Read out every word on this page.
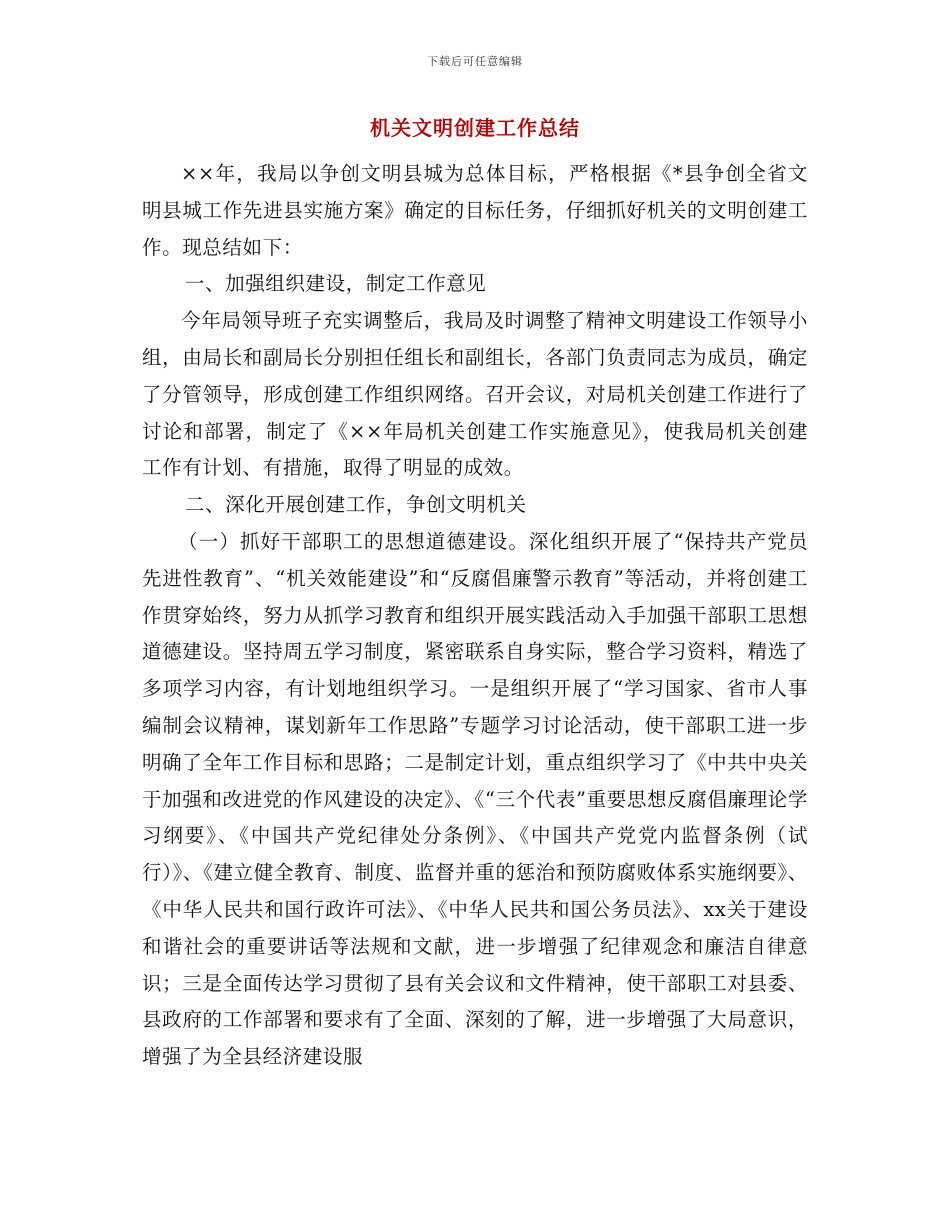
下载后可任意编辑
机关文明创建工作总结

××年，我局以争创文明县城为总体目标，严格根据《*县争创全省文明县城工作先进县实施方案》确定的目标任务，仔细抓好机关的文明创建工作。现总结如下：

一、加强组织建设，制定工作意见

今年局领导班子充实调整后，我局及时调整了精神文明建设工作领导小组，由局长和副局长分别担任组长和副组长，各部门负责同志为成员，确定了分管领导，形成创建工作组织网络。召开会议，对局机关创建工作进行了讨论和部署，制定了《××年局机关创建工作实施意见》，使我局机关创建工作有计划、有措施，取得了明显的成效。

二、深化开展创建工作，争创文明机关

（一）抓好干部职工的思想道德建设。深化组织开展了“保持共产党员先进性教育”、“机关效能建设”和“反腐倡廉警示教育”等活动，并将创建工作贯穿始终，努力从抓学习教育和组织开展实践活动入手加强干部职工思想道德建设。坚持周五学习制度，紧密联系自身实际，整合学习资料，精选了多项学习内容，有计划地组织学习。一是组织开展了“学习国家、省市人事编制会议精神，谋划新年工作思路”专题学习讨论活动，使干部职工进一步明确了全年工作目标和思路；二是制定计划，重点组织学习了《中共中央关于加强和改进党的作风建设的决定》、《“三个代表”重要思想反腐倡廉理论学习纲要》、《中国共产党纪律处分条例》、《中国共产党党内监督条例（试行）》、《建立健全教育、制度、监督并重的惩治和预防腐败体系实施纲要》、《中华人民共和国行政许可法》、《中华人民共和国公务员法》、xx关于建设和谐社会的重要讲话等法规和文献，进一步增强了纪律观念和廉洁自律意识；三是全面传达学习贯彻了县有关会议和文件精神，使干部职工对县委、县政府的工作部署和要求有了全面、深刻的了解，进一步增强了大局意识，增强了为全县经济建设服
